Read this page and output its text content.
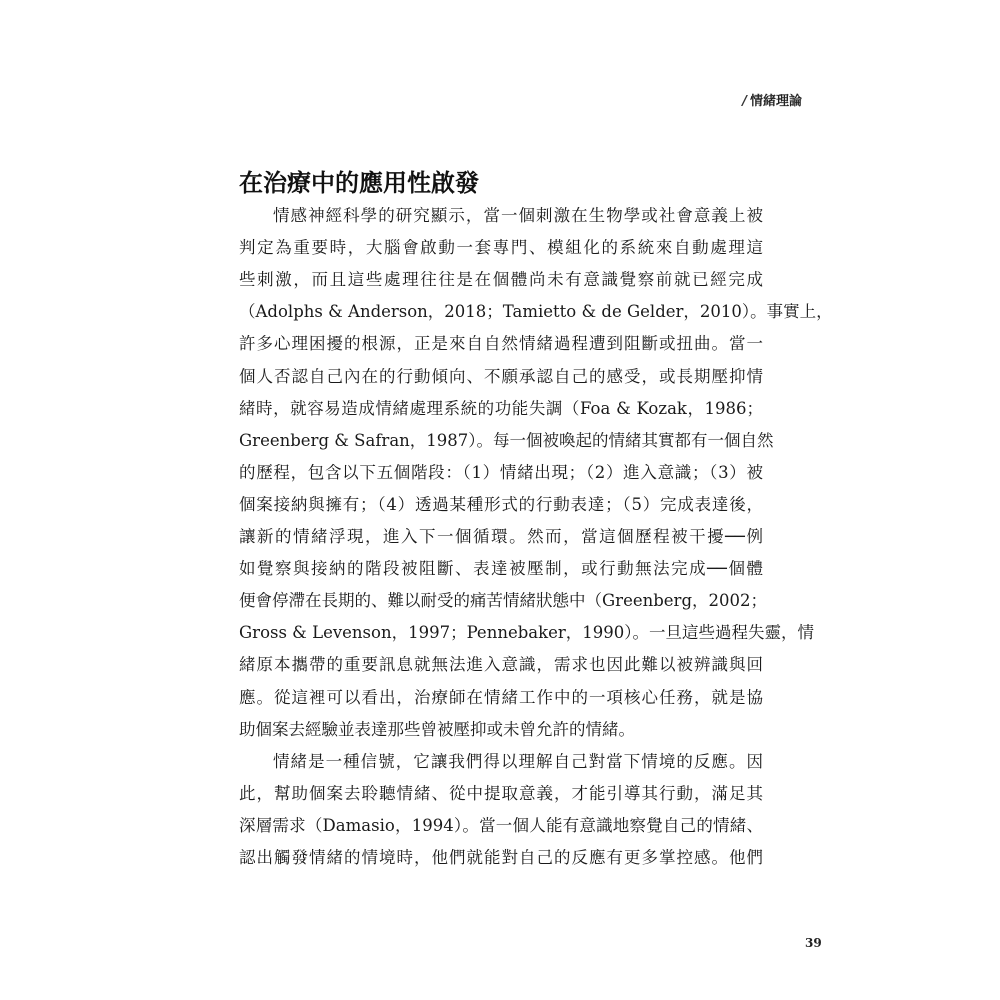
/ 情緒理論
在治療中的應用性啟發
情感神經科學的研究顯示，當一個刺激在生物學或社會意義上被
判定為重要時，大腦會啟動一套專門、模組化的系統來自動處理這
些刺激，而且這些處理往往是在個體尚未有意識覺察前就已經完成
（Adolphs & Anderson，2018；Tamietto & de Gelder，2010）。事實上，
許多心理困擾的根源，正是來自自然情緒過程遭到阻斷或扭曲。當一
個人否認自己內在的行動傾向、不願承認自己的感受，或長期壓抑情
緒時，就容易造成情緒處理系統的功能失調（Foa & Kozak，1986；
Greenberg & Safran，1987）。每一個被喚起的情緒其實都有一個自然
的歷程，包含以下五個階段：（1）情緒出現；（2）進入意識；（3）被
個案接納與擁有；（4）透過某種形式的行動表達；（5）完成表達後，
讓新的情緒浮現，進入下一個循環。然而，當這個歷程被干擾──例
如覺察與接納的階段被阻斷、表達被壓制，或行動無法完成──個體
便會停滯在長期的、難以耐受的痛苦情緒狀態中（Greenberg，2002；
Gross & Levenson，1997；Pennebaker，1990）。一旦這些過程失靈，情
緒原本攜帶的重要訊息就無法進入意識，需求也因此難以被辨識與回
應。從這裡可以看出，治療師在情緒工作中的一項核心任務，就是協
助個案去經驗並表達那些曾被壓抑或未曾允許的情緒。
情緒是一種信號，它讓我們得以理解自己對當下情境的反應。因
此，幫助個案去聆聽情緒、從中提取意義，才能引導其行動，滿足其
深層需求（Damasio，1994）。當一個人能有意識地察覺自己的情緒、
認出觸發情緒的情境時，他們就能對自己的反應有更多掌控感。他們
39
